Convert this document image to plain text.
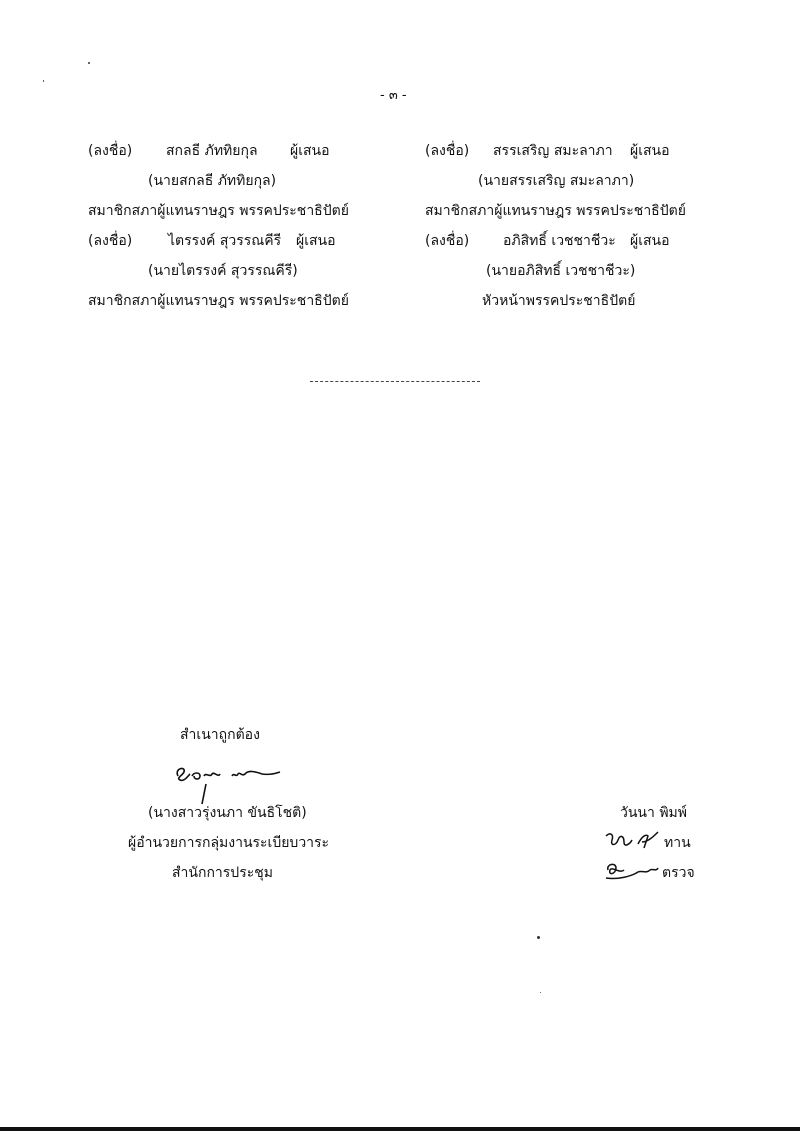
- ๓ -
(ลงชื่อ) สกลธี ภัททิยกุล ผู้เสนอ
(นายสกลธี ภัททิยกุล)
สมาชิกสภาผู้แทนราษฎร พรรคประชาธิปัตย์
(ลงชื่อ)	ไตรรงค์ สุวรรณคีรี ผู้เสนอ
(นายไตรรงค์ สุวรรณคีรี)
สมาชิกสภาผู้แทนราษฎร พรรคประชาธิปัตย์
(ลงชื่อ) สรรเสริญ สมะลาภา ผู้เสนอ
(นายสรรเสริญ สมะลาภา)
สมาชิกสภาผู้แทนราษฎร พรรคประชาธิปัตย์
(ลงชื่อ) อภิสิทธิ์ เวชชาชีวะ ผู้เสนอ
(นายอภิสิทธิ์ เวชชาชีวะ)
หัวหน้าพรรคประชาธิปัตย์
สำเนาถูกต้อง
(นางสาวรุ่งนภา ขันธิโชติ)
ผู้อำนวยการกลุ่มงานระเบียบวาระ
สำนักการประชุม
วันนา พิมพ์
ทาน
ตรวจ
